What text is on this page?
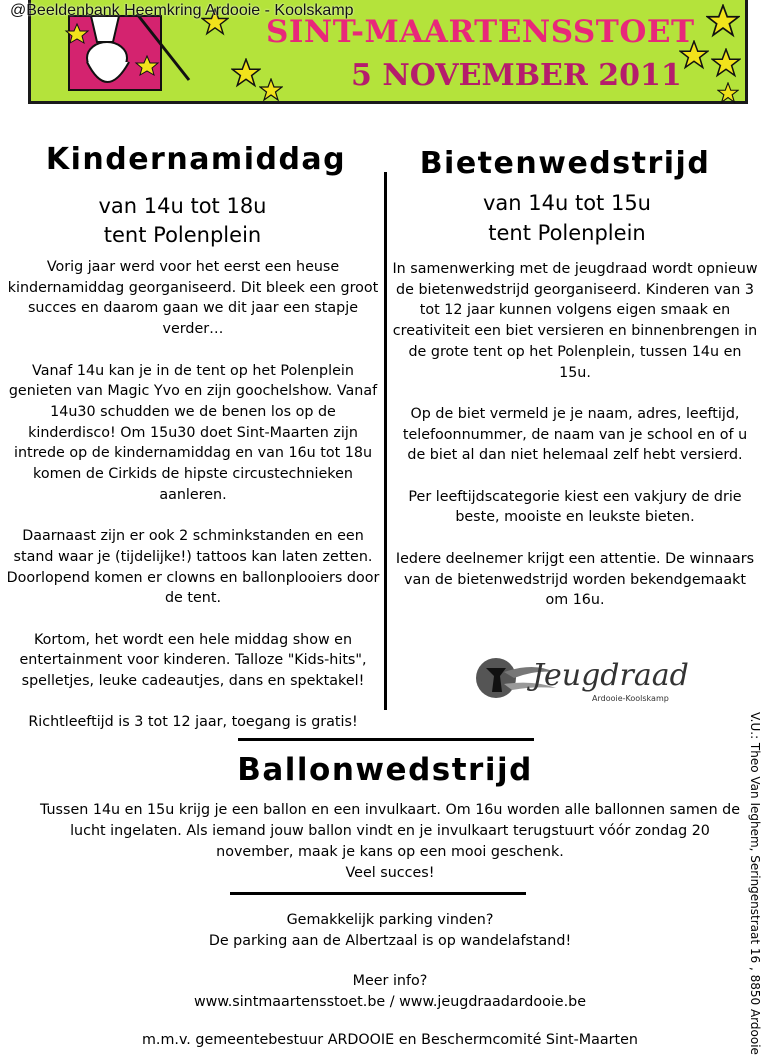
@Beeldenbank Heemkring Ardooie - Koolskamp
SINT-MAARTENSSTOET
5 NOVEMBER 2011
Kindernamiddag
van 14u tot 18u
tent Polenplein

Vorig jaar werd voor het eerst een heuse kindernamiddag georganiseerd. Dit bleek een groot succes en daarom gaan we dit jaar een stapje verder…

Vanaf 14u kan je in de tent op het Polenplein genieten van Magic Yvo en zijn goochelshow. Vanaf 14u30 schudden we de benen los op de kinderdisco! Om 15u30 doet Sint-Maarten zijn intrede op de kindernamiddag en van 16u tot 18u komen de Cirkids de hipste circustechnieken aanleren.

Daarnaast zijn er ook 2 schminkstanden en een stand waar je (tijdelijke!) tattoos kan laten zetten. Doorlopend komen er clowns en ballonplooiers door de tent.

Kortom, het wordt een hele middag show en entertainment voor kinderen. Talloze "Kids-hits", spelletjes, leuke cadeautjes, dans en spektakel!

Richtleeftijd is 3 tot 12 jaar, toegang is gratis!

Bietenwedstrijd
van 14u tot 15u
tent Polenplein

In samenwerking met de jeugdraad wordt opnieuw de bietenwedstrijd georganiseerd. Kinderen van 3 tot 12 jaar kunnen volgens eigen smaak en creativiteit een biet versieren en binnenbrengen in de grote tent op het Polenplein, tussen 14u en 15u.

Op de biet vermeld je je naam, adres, leeftijd, telefoonnummer, de naam van je school en of u de biet al dan niet helemaal zelf hebt versierd.

Per leeftijdscategorie kiest een vakjury de drie beste, mooiste en leukste bieten.

Iedere deelnemer krijgt een attentie. De winnaars van de bietenwedstrijd worden bekendgemaakt om 16u.

Jeugdraad
Ardooie-Koolskamp
Ballonwedstrijd
Tussen 14u en 15u krijg je een ballon en een invulkaart. Om 16u worden alle ballonnen samen de lucht ingelaten. Als iemand jouw ballon vindt en je invulkaart terugstuurt vóór zondag 20 november, maak je kans op een mooi geschenk.
Veel succes!
Gemakkelijk parking vinden?
De parking aan de Albertzaal is op wandelafstand!
Meer info?
www.sintmaartensstoet.be / www.jeugdraadardooie.be
m.m.v. gemeentebestuur ARDOOIE en Beschermcomité Sint-Maarten	V.U.: Theo Van Ieghem, Seringenstraat 16 , 8850 Ardooie
